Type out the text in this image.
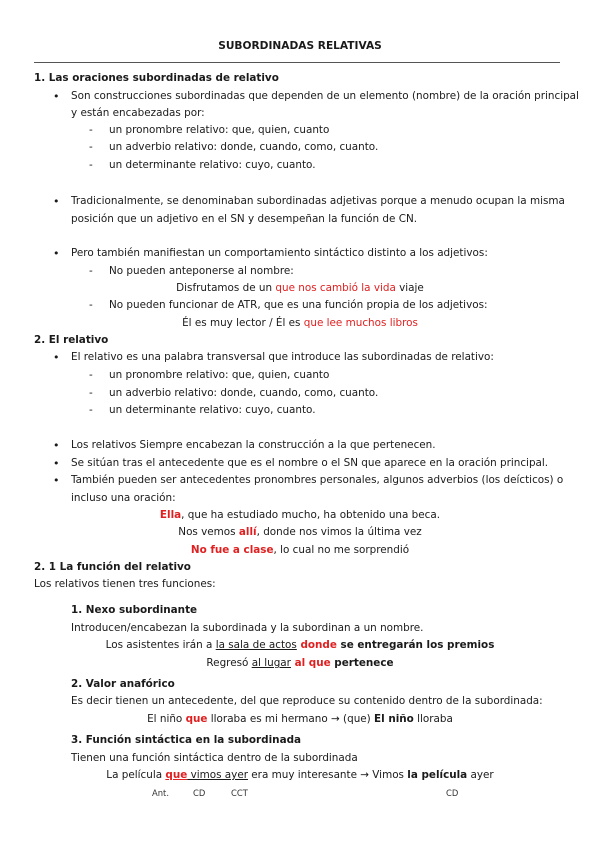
SUBORDINADAS RELATIVAS
1. Las oraciones subordinadas de relativo
• Son construcciones subordinadas que dependen de un elemento (nombre) de la oración principal
y están encabezadas por:
- un pronombre relativo: que, quien, cuanto
- un adverbio relativo: donde, cuando, como, cuanto.
- un determinante relativo: cuyo, cuanto.
• Tradicionalmente, se denominaban subordinadas adjetivas porque a menudo ocupan la misma
posición que un adjetivo en el SN y desempeñan la función de CN.
• Pero también manifiestan un comportamiento sintáctico distinto a los adjetivos:
- No pueden anteponerse al nombre:
Disfrutamos de un que nos cambió la vida viaje
- No pueden funcionar de ATR, que es una función propia de los adjetivos:
Él es muy lector / Él es que lee muchos libros
2. El relativo
• El relativo es una palabra transversal que introduce las subordinadas de relativo:
- un pronombre relativo: que, quien, cuanto
- un adverbio relativo: donde, cuando, como, cuanto.
- un determinante relativo: cuyo, cuanto.
• Los relativos Siempre encabezan la construcción a la que pertenecen.
• Se sitúan tras el antecedente que es el nombre o el SN que aparece en la oración principal.
• También pueden ser antecedentes pronombres personales, algunos adverbios (los deícticos) o
incluso una oración:
Ella, que ha estudiado mucho, ha obtenido una beca.
Nos vemos allí, donde nos vimos la última vez
No fue a clase, lo cual no me sorprendió
2. 1 La función del relativo
Los relativos tienen tres funciones:
1. Nexo subordinante
Introducen/encabezan la subordinada y la subordinan a un nombre.
Los asistentes irán a la sala de actos donde se entregarán los premios
Regresó al lugar al que pertenece
2. Valor anafórico
Es decir tienen un antecedente, del que reproduce su contenido dentro de la subordinada:
El niño que lloraba es mi hermano → (que) El niño lloraba
3. Función sintáctica en la subordinada
Tienen una función sintáctica dentro de la subordinada
La película que vimos ayer era muy interesante → Vimos la película ayer
Ant.	CD	CCT	CD
